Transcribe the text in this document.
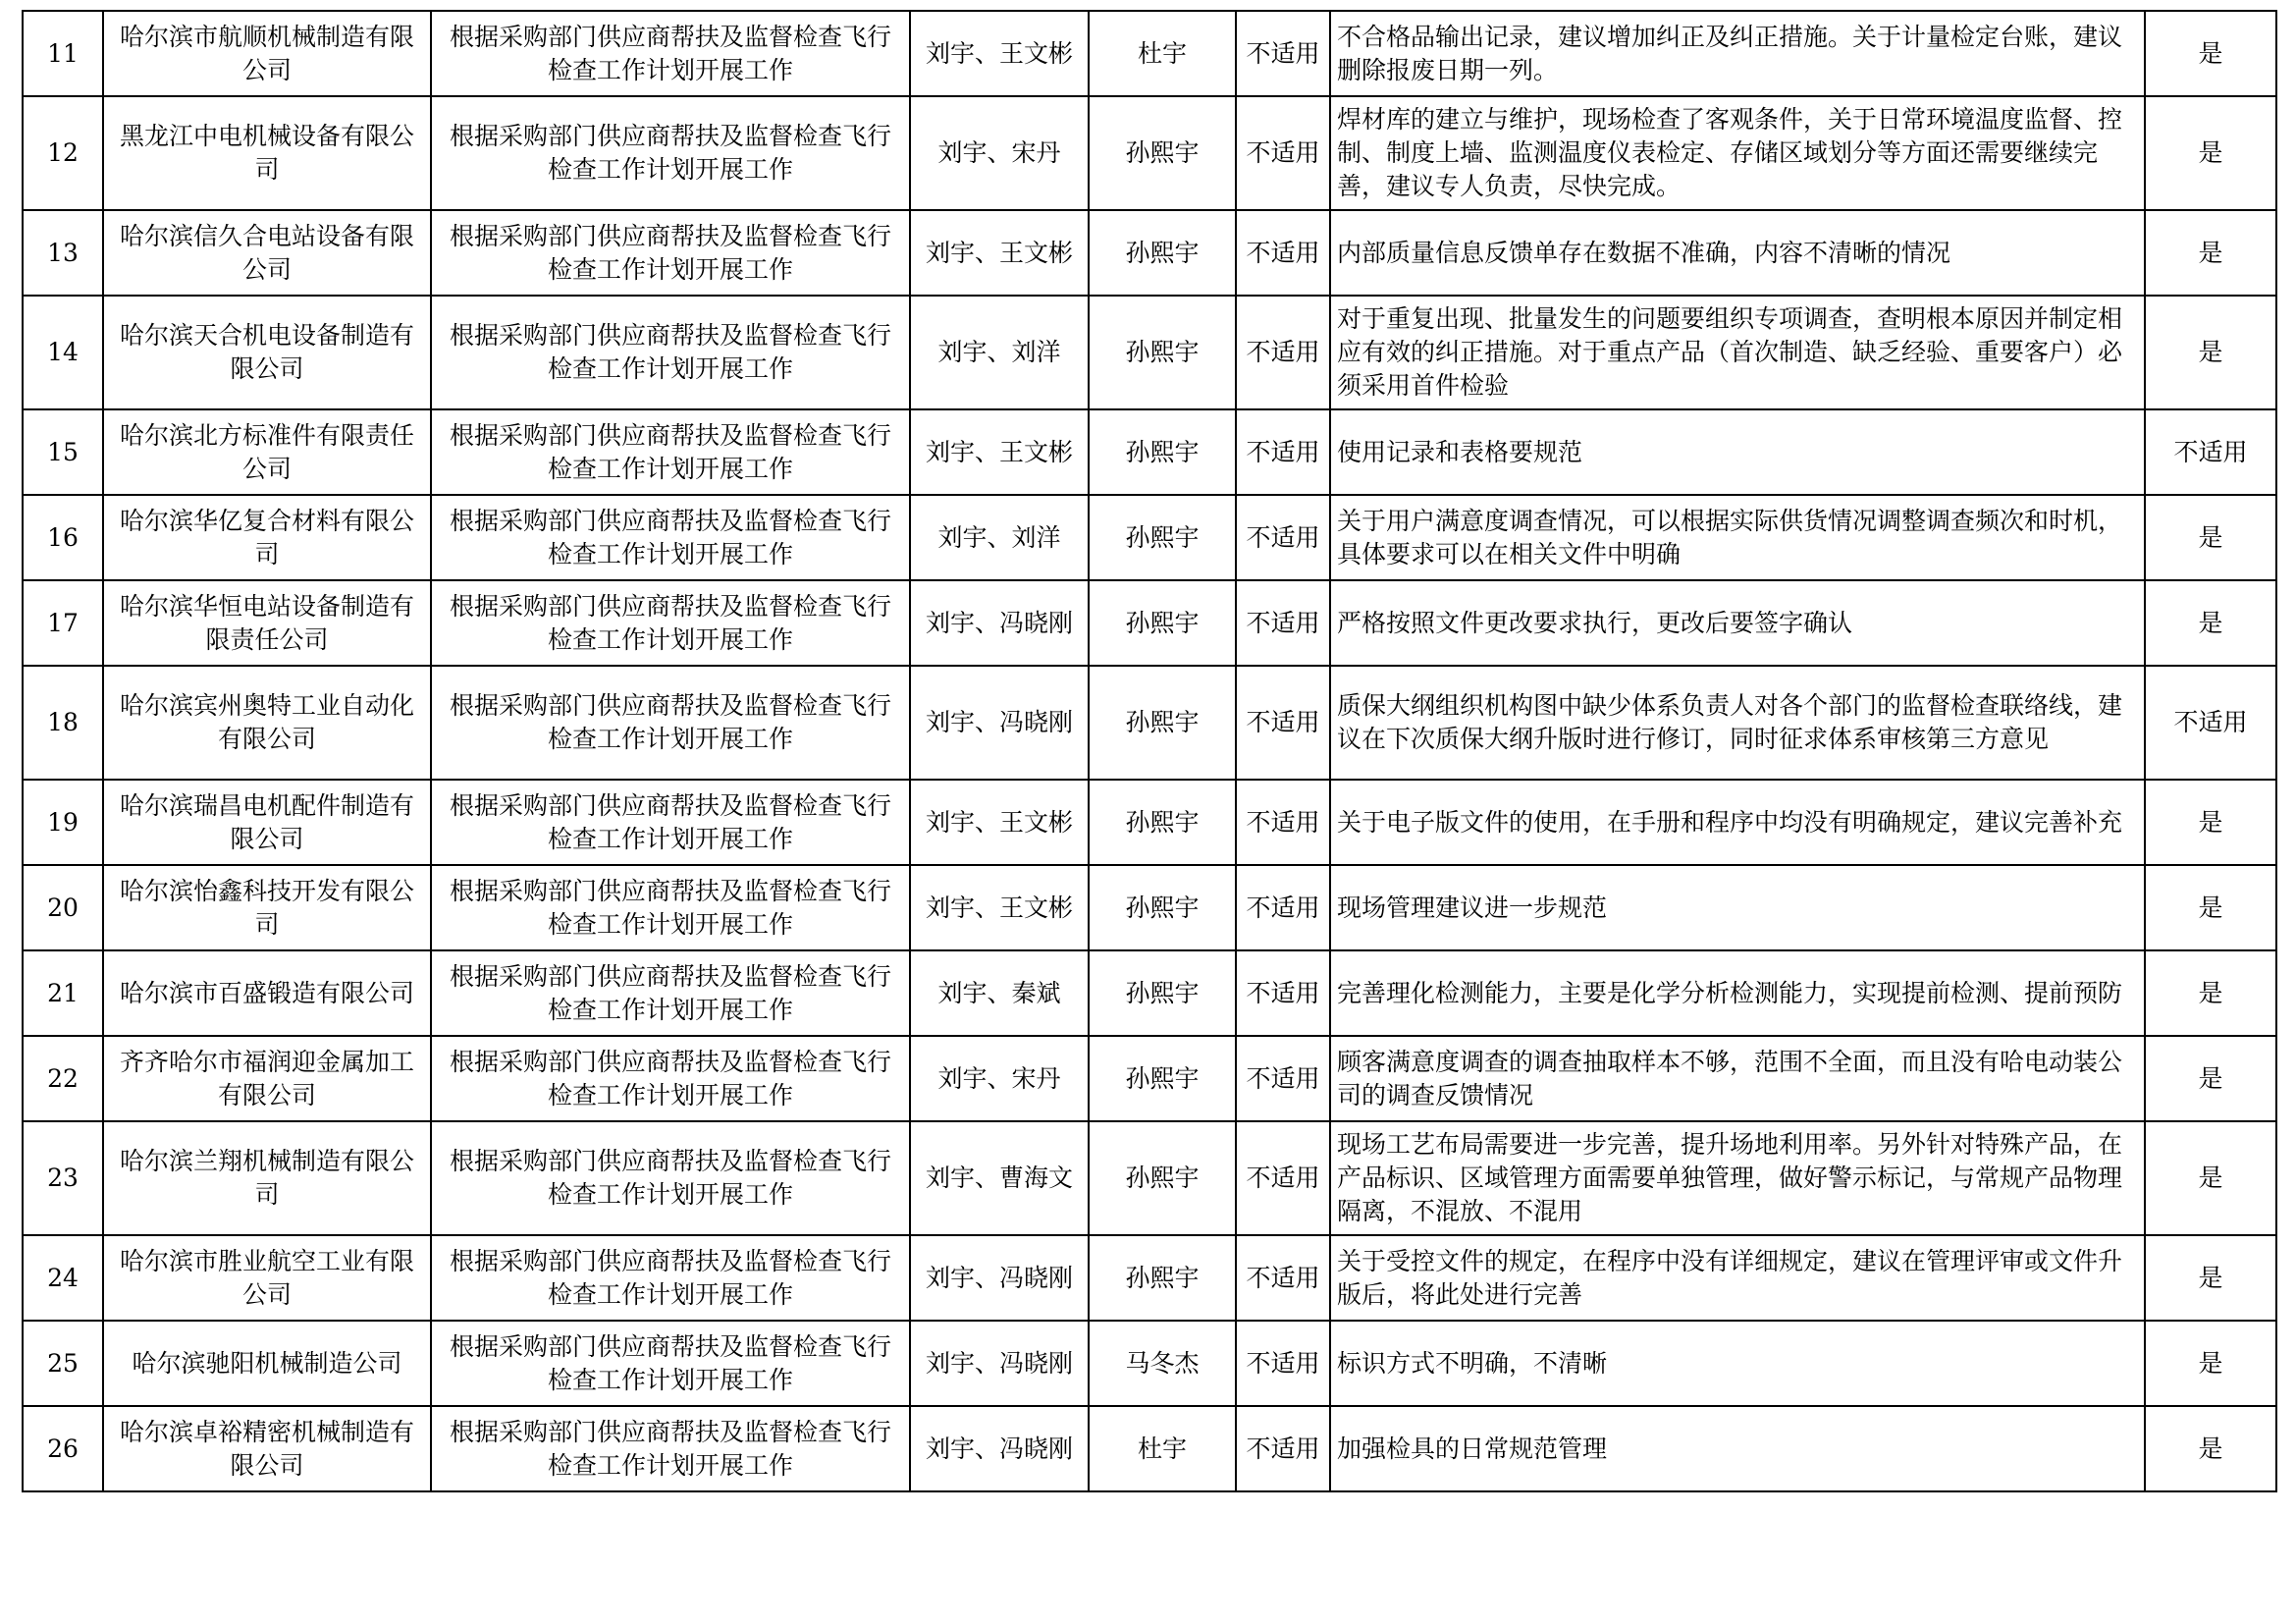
11	哈尔滨市航顺机械制造有限公司	根据采购部门供应商帮扶及监督检查飞行检查工作计划开展工作	刘宇、王文彬	杜宇	不适用	不合格品输出记录，建议增加纠正及纠正措施。关于计量检定台账，建议删除报废日期一列。	是
12	黑龙江中电机械设备有限公司	根据采购部门供应商帮扶及监督检查飞行检查工作计划开展工作	刘宇、宋丹	孙熙宇	不适用	焊材库的建立与维护，现场检查了客观条件，关于日常环境温度监督、控制、制度上墙、监测温度仪表检定、存储区域划分等方面还需要继续完善，建议专人负责，尽快完成。	是
13	哈尔滨信久合电站设备有限公司	根据采购部门供应商帮扶及监督检查飞行检查工作计划开展工作	刘宇、王文彬	孙熙宇	不适用	内部质量信息反馈单存在数据不准确，内容不清晰的情况	是
14	哈尔滨天合机电设备制造有限公司	根据采购部门供应商帮扶及监督检查飞行检查工作计划开展工作	刘宇、刘洋	孙熙宇	不适用	对于重复出现、批量发生的问题要组织专项调查，查明根本原因并制定相应有效的纠正措施。对于重点产品（首次制造、缺乏经验、重要客户）必须采用首件检验	是
15	哈尔滨北方标准件有限责任公司	根据采购部门供应商帮扶及监督检查飞行检查工作计划开展工作	刘宇、王文彬	孙熙宇	不适用	使用记录和表格要规范	不适用
16	哈尔滨华亿复合材料有限公司	根据采购部门供应商帮扶及监督检查飞行检查工作计划开展工作	刘宇、刘洋	孙熙宇	不适用	关于用户满意度调查情况，可以根据实际供货情况调整调查频次和时机，具体要求可以在相关文件中明确	是
17	哈尔滨华恒电站设备制造有限责任公司	根据采购部门供应商帮扶及监督检查飞行检查工作计划开展工作	刘宇、冯晓刚	孙熙宇	不适用	严格按照文件更改要求执行，更改后要签字确认	是
18	哈尔滨宾州奥特工业自动化有限公司	根据采购部门供应商帮扶及监督检查飞行检查工作计划开展工作	刘宇、冯晓刚	孙熙宇	不适用	质保大纲组织机构图中缺少体系负责人对各个部门的监督检查联络线，建议在下次质保大纲升版时进行修订，同时征求体系审核第三方意见	不适用
19	哈尔滨瑞昌电机配件制造有限公司	根据采购部门供应商帮扶及监督检查飞行检查工作计划开展工作	刘宇、王文彬	孙熙宇	不适用	关于电子版文件的使用，在手册和程序中均没有明确规定，建议完善补充	是
20	哈尔滨怡鑫科技开发有限公司	根据采购部门供应商帮扶及监督检查飞行检查工作计划开展工作	刘宇、王文彬	孙熙宇	不适用	现场管理建议进一步规范	是
21	哈尔滨市百盛锻造有限公司	根据采购部门供应商帮扶及监督检查飞行检查工作计划开展工作	刘宇、秦斌	孙熙宇	不适用	完善理化检测能力，主要是化学分析检测能力，实现提前检测、提前预防	是
22	齐齐哈尔市福润迎金属加工有限公司	根据采购部门供应商帮扶及监督检查飞行检查工作计划开展工作	刘宇、宋丹	孙熙宇	不适用	顾客满意度调查的调查抽取样本不够，范围不全面，而且没有哈电动装公司的调查反馈情况	是
23	哈尔滨兰翔机械制造有限公司	根据采购部门供应商帮扶及监督检查飞行检查工作计划开展工作	刘宇、曹海文	孙熙宇	不适用	现场工艺布局需要进一步完善，提升场地利用率。另外针对特殊产品，在产品标识、区域管理方面需要单独管理，做好警示标记，与常规产品物理隔离，不混放、不混用	是
24	哈尔滨市胜业航空工业有限公司	根据采购部门供应商帮扶及监督检查飞行检查工作计划开展工作	刘宇、冯晓刚	孙熙宇	不适用	关于受控文件的规定，在程序中没有详细规定，建议在管理评审或文件升版后，将此处进行完善	是
25	哈尔滨驰阳机械制造公司	根据采购部门供应商帮扶及监督检查飞行检查工作计划开展工作	刘宇、冯晓刚	马冬杰	不适用	标识方式不明确，不清晰	是
26	哈尔滨卓裕精密机械制造有限公司	根据采购部门供应商帮扶及监督检查飞行检查工作计划开展工作	刘宇、冯晓刚	杜宇	不适用	加强检具的日常规范管理	是
